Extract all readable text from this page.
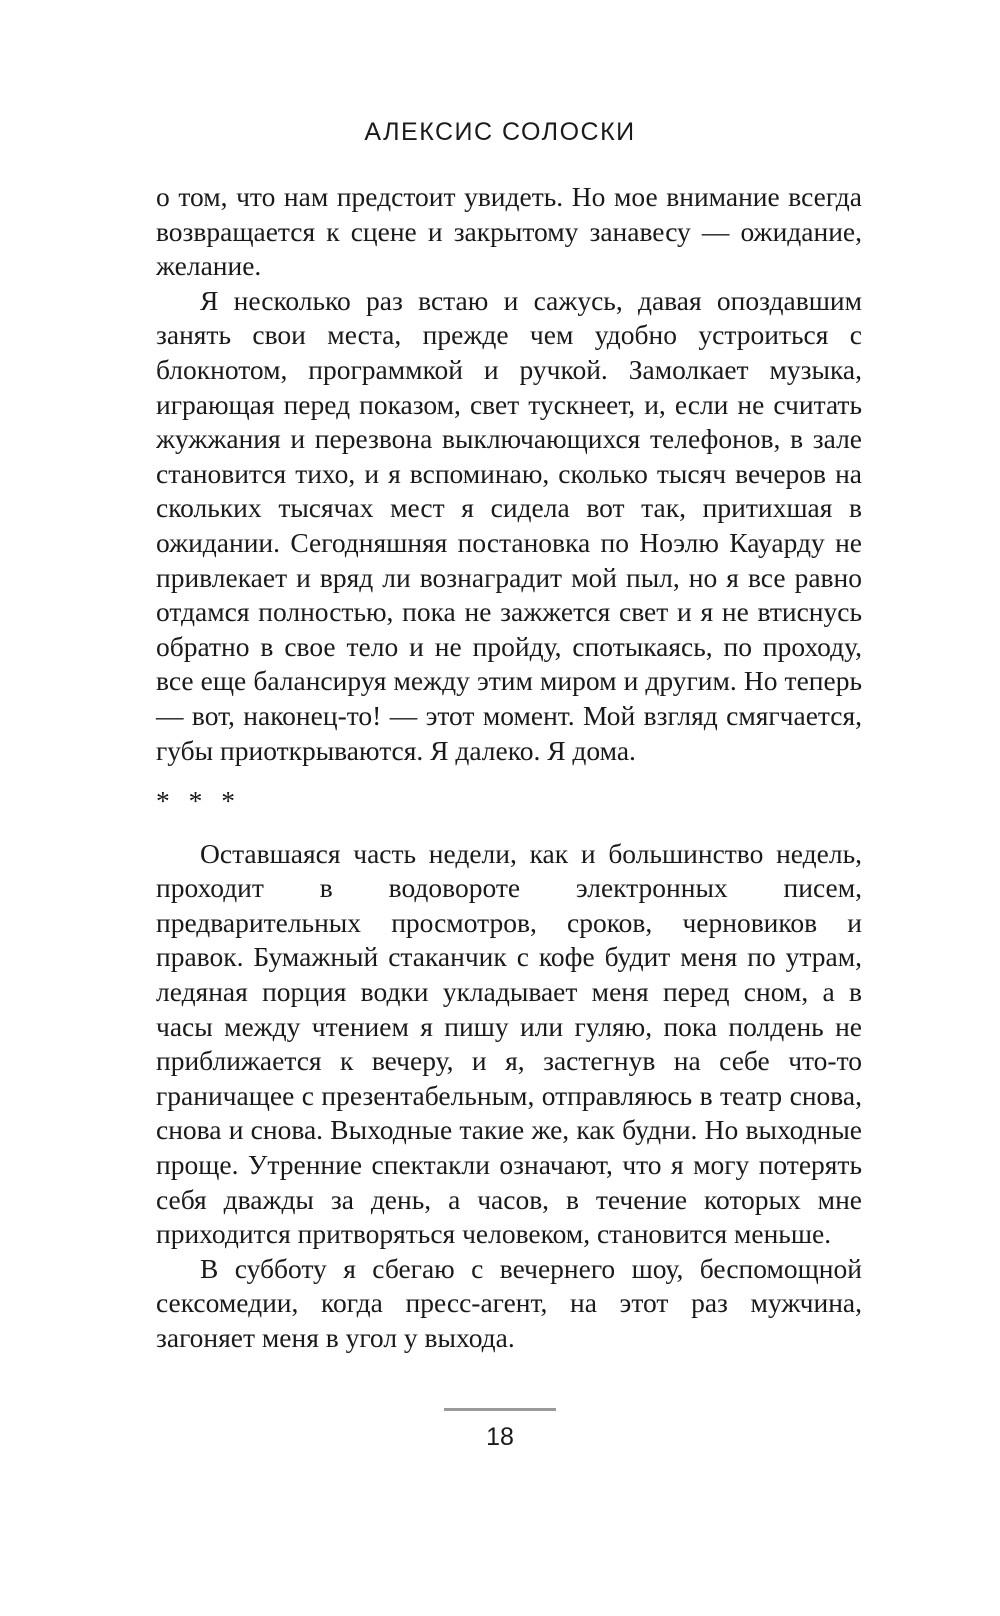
АЛЕКСИС СОЛОСКИ

о том, что нам предстоит увидеть. Но мое внимание всегда возвращается к сцене и закрытому занавесу — ожидание, желание.

Я несколько раз встаю и сажусь, давая опоздавшим занять свои места, прежде чем удобно устроиться с блокнотом, программкой и ручкой. Замолкает музыка, играющая перед показом, свет тускнеет, и, если не считать жужжания и перезвона выключающихся телефонов, в зале становится тихо, и я вспоминаю, сколько тысяч вечеров на скольких тысячах мест я сидела вот так, притихшая в ожидании. Сегодняшняя постановка по Ноэлю Кауарду не привлекает и вряд ли вознаградит мой пыл, но я все равно отдамся полностью, пока не зажжется свет и я не втиснусь обратно в свое тело и не пройду, спотыкаясь, по проходу, все еще балансируя между этим миром и другим. Но теперь — вот, наконец-то! — этот момент. Мой взгляд смягчается, губы приоткрываются. Я далеко. Я дома.

* * *

Оставшаяся часть недели, как и большинство недель, проходит в водовороте электронных писем, предварительных просмотров, сроков, черновиков и правок. Бумажный стаканчик с кофе будит меня по утрам, ледяная порция водки укладывает меня перед сном, а в часы между чтением я пишу или гуляю, пока полдень не приближается к вечеру, и я, застегнув на себе что-то граничащее с презентабельным, отправляюсь в театр снова, снова и снова. Выходные такие же, как будни. Но выходные проще. Утренние спектакли означают, что я могу потерять себя дважды за день, а часов, в течение которых мне приходится притворяться человеком, становится меньше.

В субботу я сбегаю с вечернего шоу, беспомощной сексомедии, когда пресс-агент, на этот раз мужчина, загоняет меня в угол у выхода.

18
